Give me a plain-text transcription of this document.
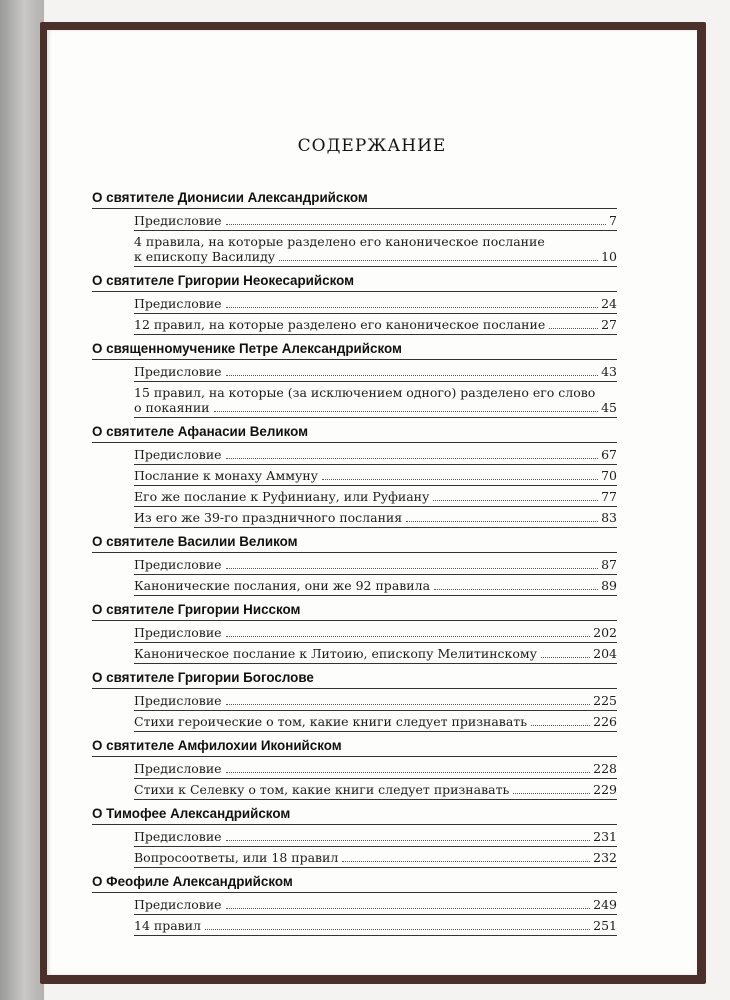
СОДЕРЖАНИЕ
О святителе Дионисии Александрийском
Предисловие	7
4 правила, на которые разделено его каноническое послание
к епископу Василиду	10
О святителе Григории Неокесарийском
Предисловие	24
12 правил, на которые разделено его каноническое послание	27
О священномученике Петре Александрийском
Предисловие	43
15 правил, на которые (за исключением одного) разделено его слово
о покаянии	45
О святителе Афанасии Великом
Предисловие	67
Послание к монаху Аммуну	70
Его же послание к Руфиниану, или Руфиану	77
Из его же 39-го праздничного послания	83
О святителе Василии Великом
Предисловие	87
Канонические послания, они же 92 правила	89
О святителе Григории Нисском
Предисловие	202
Каноническое послание к Литоию, епископу Мелитинскому	204
О святителе Григории Богослове
Предисловие	225
Стихи героические о том, какие книги следует признавать	226
О святителе Амфилохии Иконийском
Предисловие	228
Стихи к Селевку о том, какие книги следует признавать	229
О Тимофее Александрийском
Предисловие	231
Вопросоответы, или 18 правил	232
О Феофиле Александрийском
Предисловие	249
14 правил	251
